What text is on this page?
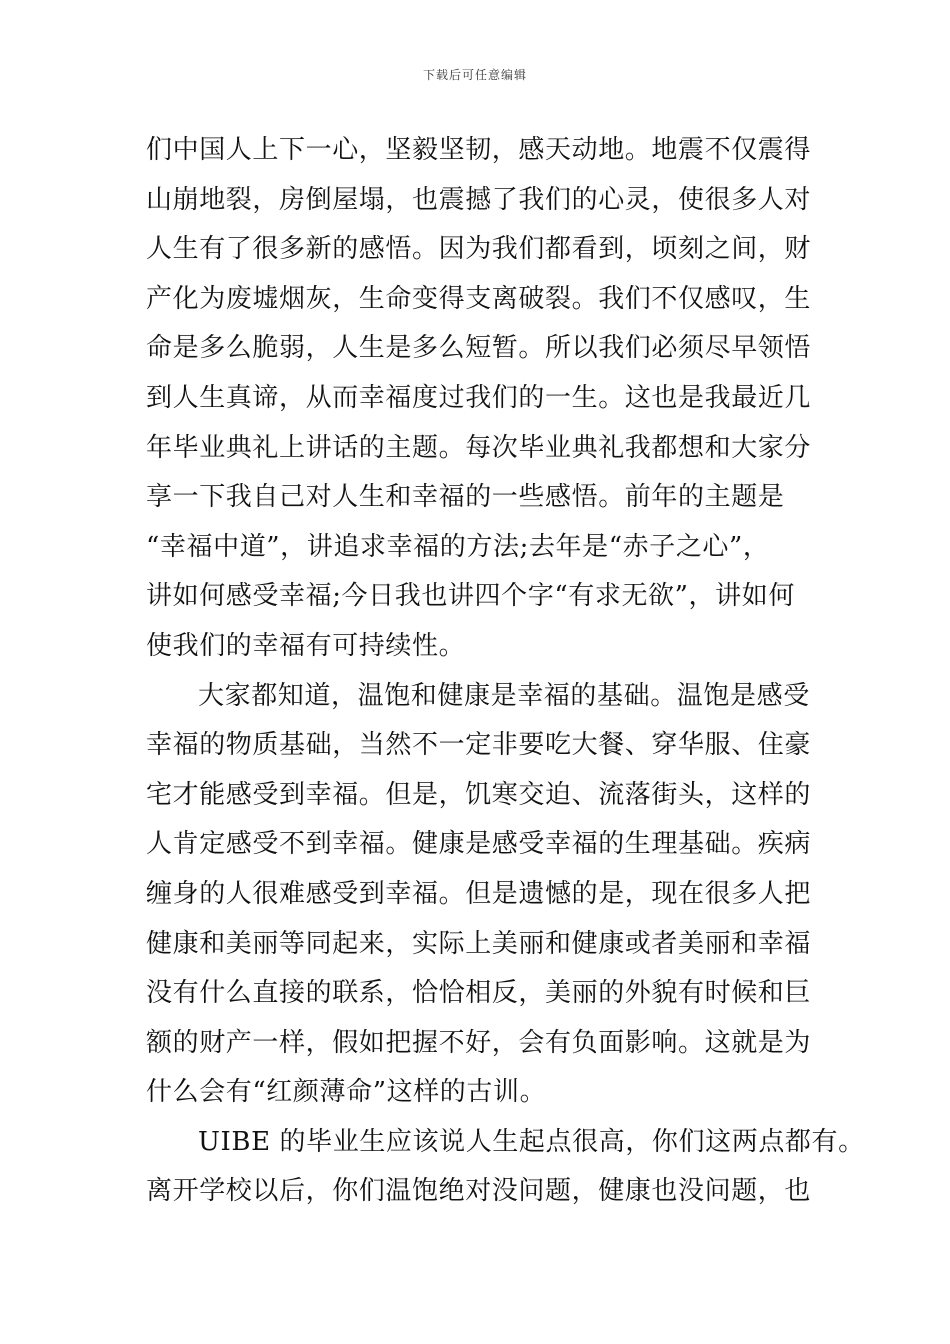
下载后可任意编辑
们中国人上下一心，坚毅坚韧，感天动地。地震不仅震得
山崩地裂，房倒屋塌，也震撼了我们的心灵，使很多人对
人生有了很多新的感悟。因为我们都看到，顷刻之间，财
产化为废墟烟灰，生命变得支离破裂。我们不仅感叹，生
命是多么脆弱，人生是多么短暂。所以我们必须尽早领悟
到人生真谛，从而幸福度过我们的一生。这也是我最近几
年毕业典礼上讲话的主题。每次毕业典礼我都想和大家分
享一下我自己对人生和幸福的一些感悟。前年的主题是
“幸福中道”，讲追求幸福的方法;去年是“赤子之心”，
讲如何感受幸福;今日我也讲四个字“有求无欲”，讲如何
使我们的幸福有可持续性。
大家都知道，温饱和健康是幸福的基础。温饱是感受
幸福的物质基础，当然不一定非要吃大餐、穿华服、住豪
宅才能感受到幸福。但是，饥寒交迫、流落街头，这样的
人肯定感受不到幸福。健康是感受幸福的生理基础。疾病
缠身的人很难感受到幸福。但是遗憾的是，现在很多人把
健康和美丽等同起来，实际上美丽和健康或者美丽和幸福
没有什么直接的联系，恰恰相反，美丽的外貌有时候和巨
额的财产一样，假如把握不好，会有负面影响。这就是为
什么会有“红颜薄命”这样的古训。
UIBE 的毕业生应该说人生起点很高，你们这两点都有。
离开学校以后，你们温饱绝对没问题，健康也没问题，也
